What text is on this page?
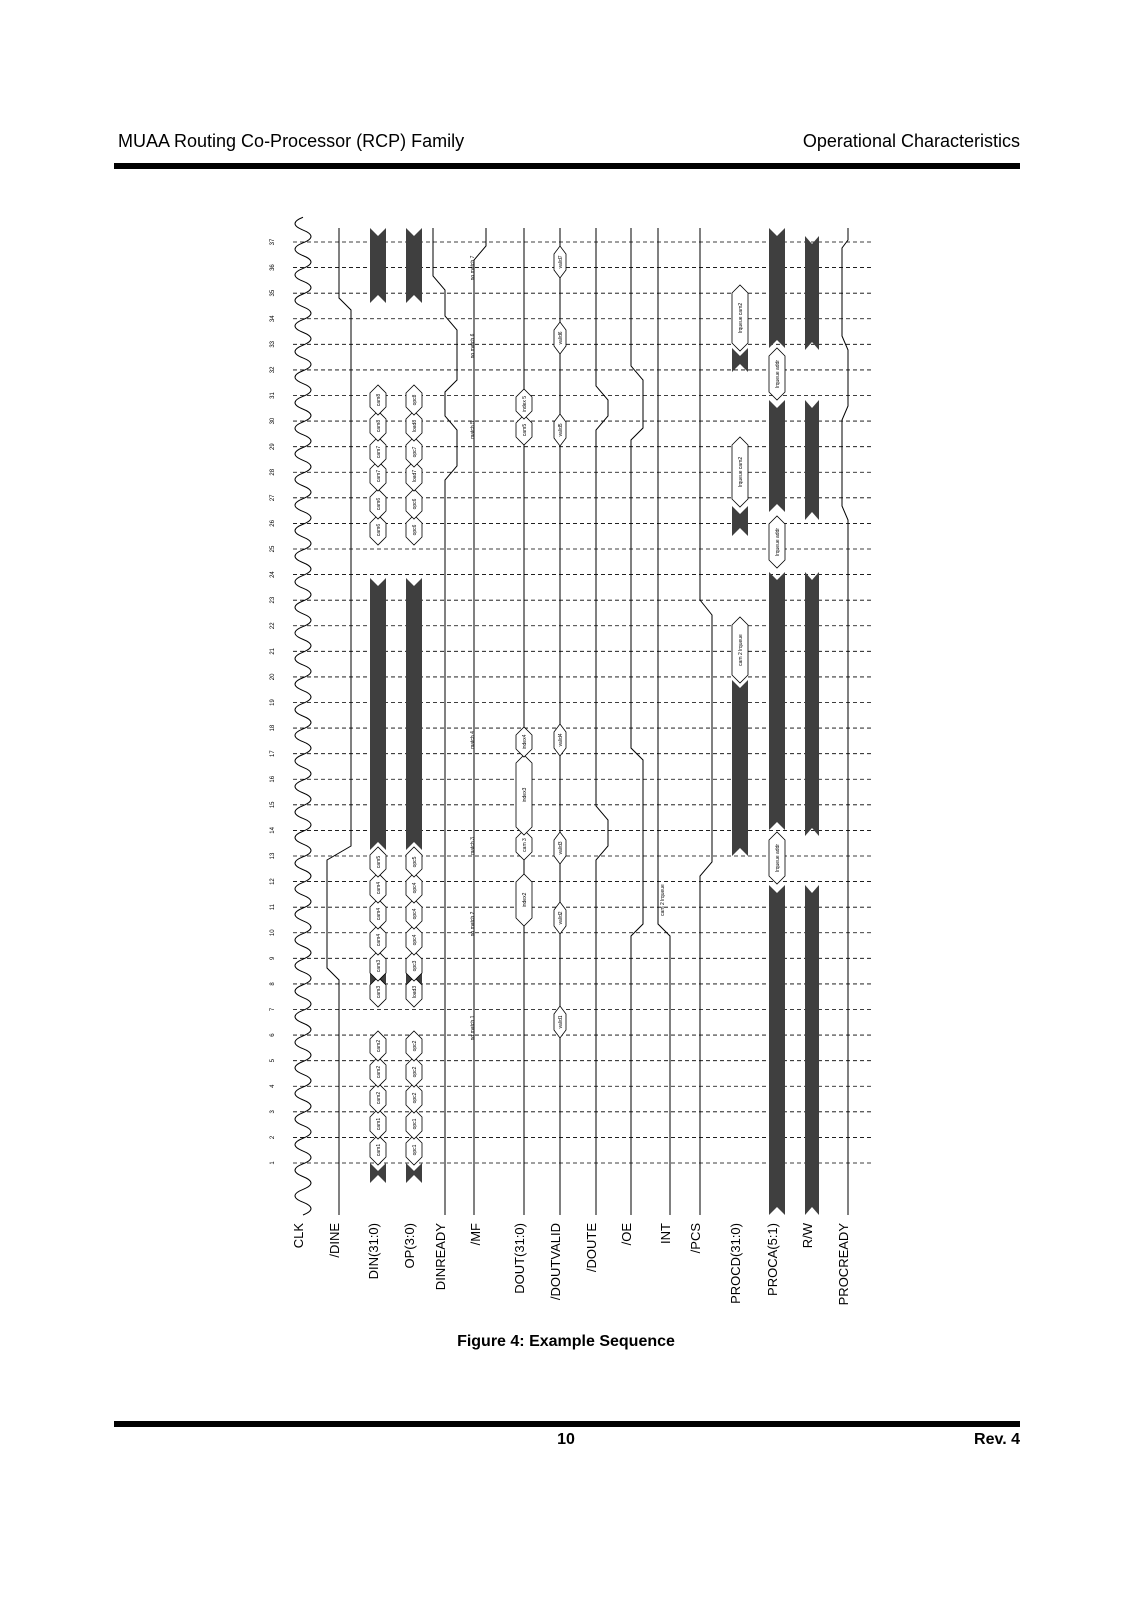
MUAA Routing Co-Processor (RCP) Family	Operational Characteristics
1
2
3
4
5
6
7
8
9
10
11
12
13
14
15
16
17
18
19
20
21
22
23
24
25
26
27
28
29
30
31
32
33
34
35
36
37
cam1
cam1
cam2
cam2
cam2
cam3
cam3
cam4
cam4
cam4
cam5
cam6
cam6
cam7
cam7
cam8
cam8
opc1
opc1
opc2
opc2
opc2
load3
opc3
opc4
opc4
opc4
opc5
opc6
opc6
load7
opc7
load8
opc8
index2
cam 3
index3
index4
cam5
index 5
valid1
valid2
valid3
valid4
valid5
valid6
valid7
no match 1
no match 2
match 3
match 4
match 5
no match 6
no match 7
cam 2 lrqueue
cam 2 lrqueue
lrqueue cam2
lrqueue cam2
lrqueue addr
lrqueue addr
lrqueue addr
CLK /DINE DIN(31:0) OP(3:0) DINREADY /MF DOUT(31:0) /DOUTVALID /DOUTE /OE INT /PCS PROCD(31:0) PROCA(5:1) R/W PROCREADY
Figure 4: Example Sequence
10	Rev. 4
